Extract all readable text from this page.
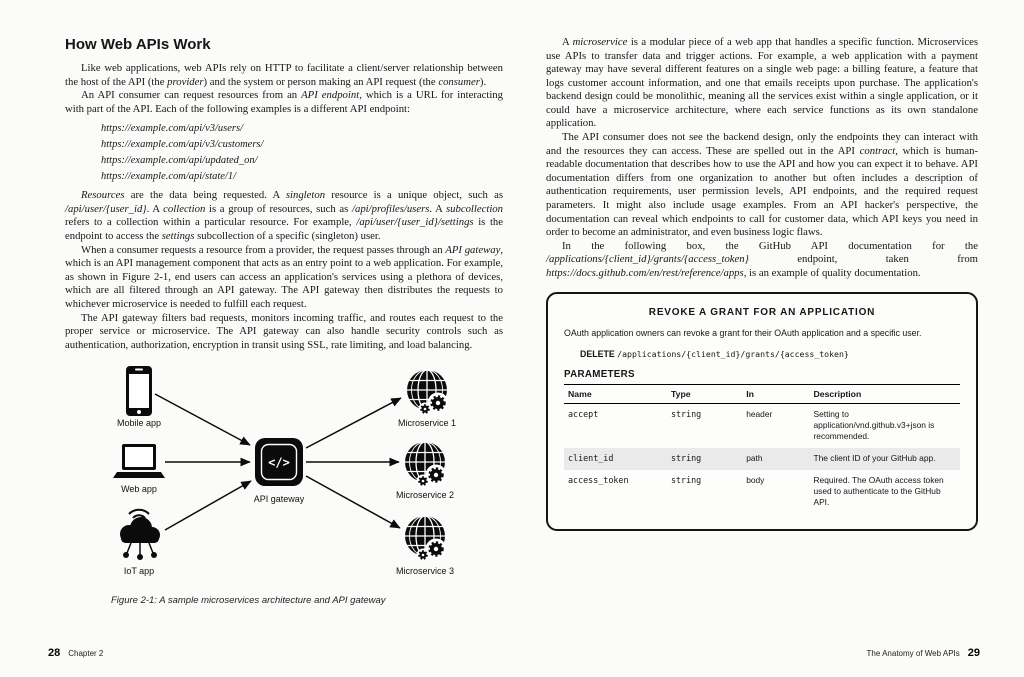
How Web APIs Work

Like web applications, web APIs rely on HTTP to facilitate a client/server relationship between the host of the API (the provider) and the system or person making an API request (the consumer).

An API consumer can request resources from an API endpoint, which is a URL for interacting with part of the API. Each of the following examples is a different API endpoint:

https://example.com/api/v3/users/
https://example.com/api/v3/customers/
https://example.com/api/updated_on/
https://example.com/api/state/1/

Resources are the data being requested. A singleton resource is a unique object, such as /api/user/{user_id}. A collection is a group of resources, such as /api/profiles/users. A subcollection refers to a collection within a particular resource. For example, /api/user/{user_id}/settings is the endpoint to access the settings subcollection of a specific (singleton) user.

When a consumer requests a resource from a provider, the request passes through an API gateway, which is an API management component that acts as an entry point to a web application. For example, as shown in Figure 2-1, end users can access an application's services using a plethora of devices, which are all filtered through an API gateway. The API gateway then distributes the requests to whichever microservice is needed to fulfill each request.

The API gateway filters bad requests, monitors incoming traffic, and routes each request to the proper service or microservice. The API gateway can also handle security controls such as authentication, authorization, encryption in transit using SSL, rate limiting, and load balancing.

Mobile app
Web app
IoT app
</>
API gateway
Microservice 1
Microservice 2
Microservice 3
Figure 2-1: A sample microservices architecture and API gateway

A microservice is a modular piece of a web app that handles a specific function. Microservices use APIs to transfer data and trigger actions. For example, a web application with a payment gateway may have several different features on a single web page: a billing feature, a feature that logs customer account information, and one that emails receipts upon purchase. The application's backend design could be monolithic, meaning all the services exist within a single application, or it could have a microservice architecture, where each service functions as its own standalone application.

The API consumer does not see the backend design, only the endpoints they can interact with and the resources they can access. These are spelled out in the API contract, which is human-readable documentation that describes how to use the API and how you can expect it to behave. API documentation differs from one organization to another but often includes a description of authentication requirements, user permission levels, API endpoints, and the required request parameters. It might also include usage examples. From an API hacker's perspective, the documentation can reveal which endpoints to call for customer data, which API keys you need in order to become an administrator, and even business logic flaws.

In the following box, the GitHub API documentation for the /applications/{client_id}/grants/{access_token} endpoint, taken from https://docs.github.com/en/rest/reference/apps, is an example of quality documentation.

REVOKE A GRANT FOR AN APPLICATION
OAuth application owners can revoke a grant for their OAuth application and a specific user.
DELETE /applications/{client_id}/grants/{access_token}
PARAMETERS
Name	Type	In	Description
accept	string	header	Setting to application/vnd.github.v3+json is recommended.
client_id	string	path	The client ID of your GitHub app.
access_token	string	body	Required. The OAuth access token used to authenticate to the GitHub API.
28 Chapter 2	The Anatomy of Web APIs 29
